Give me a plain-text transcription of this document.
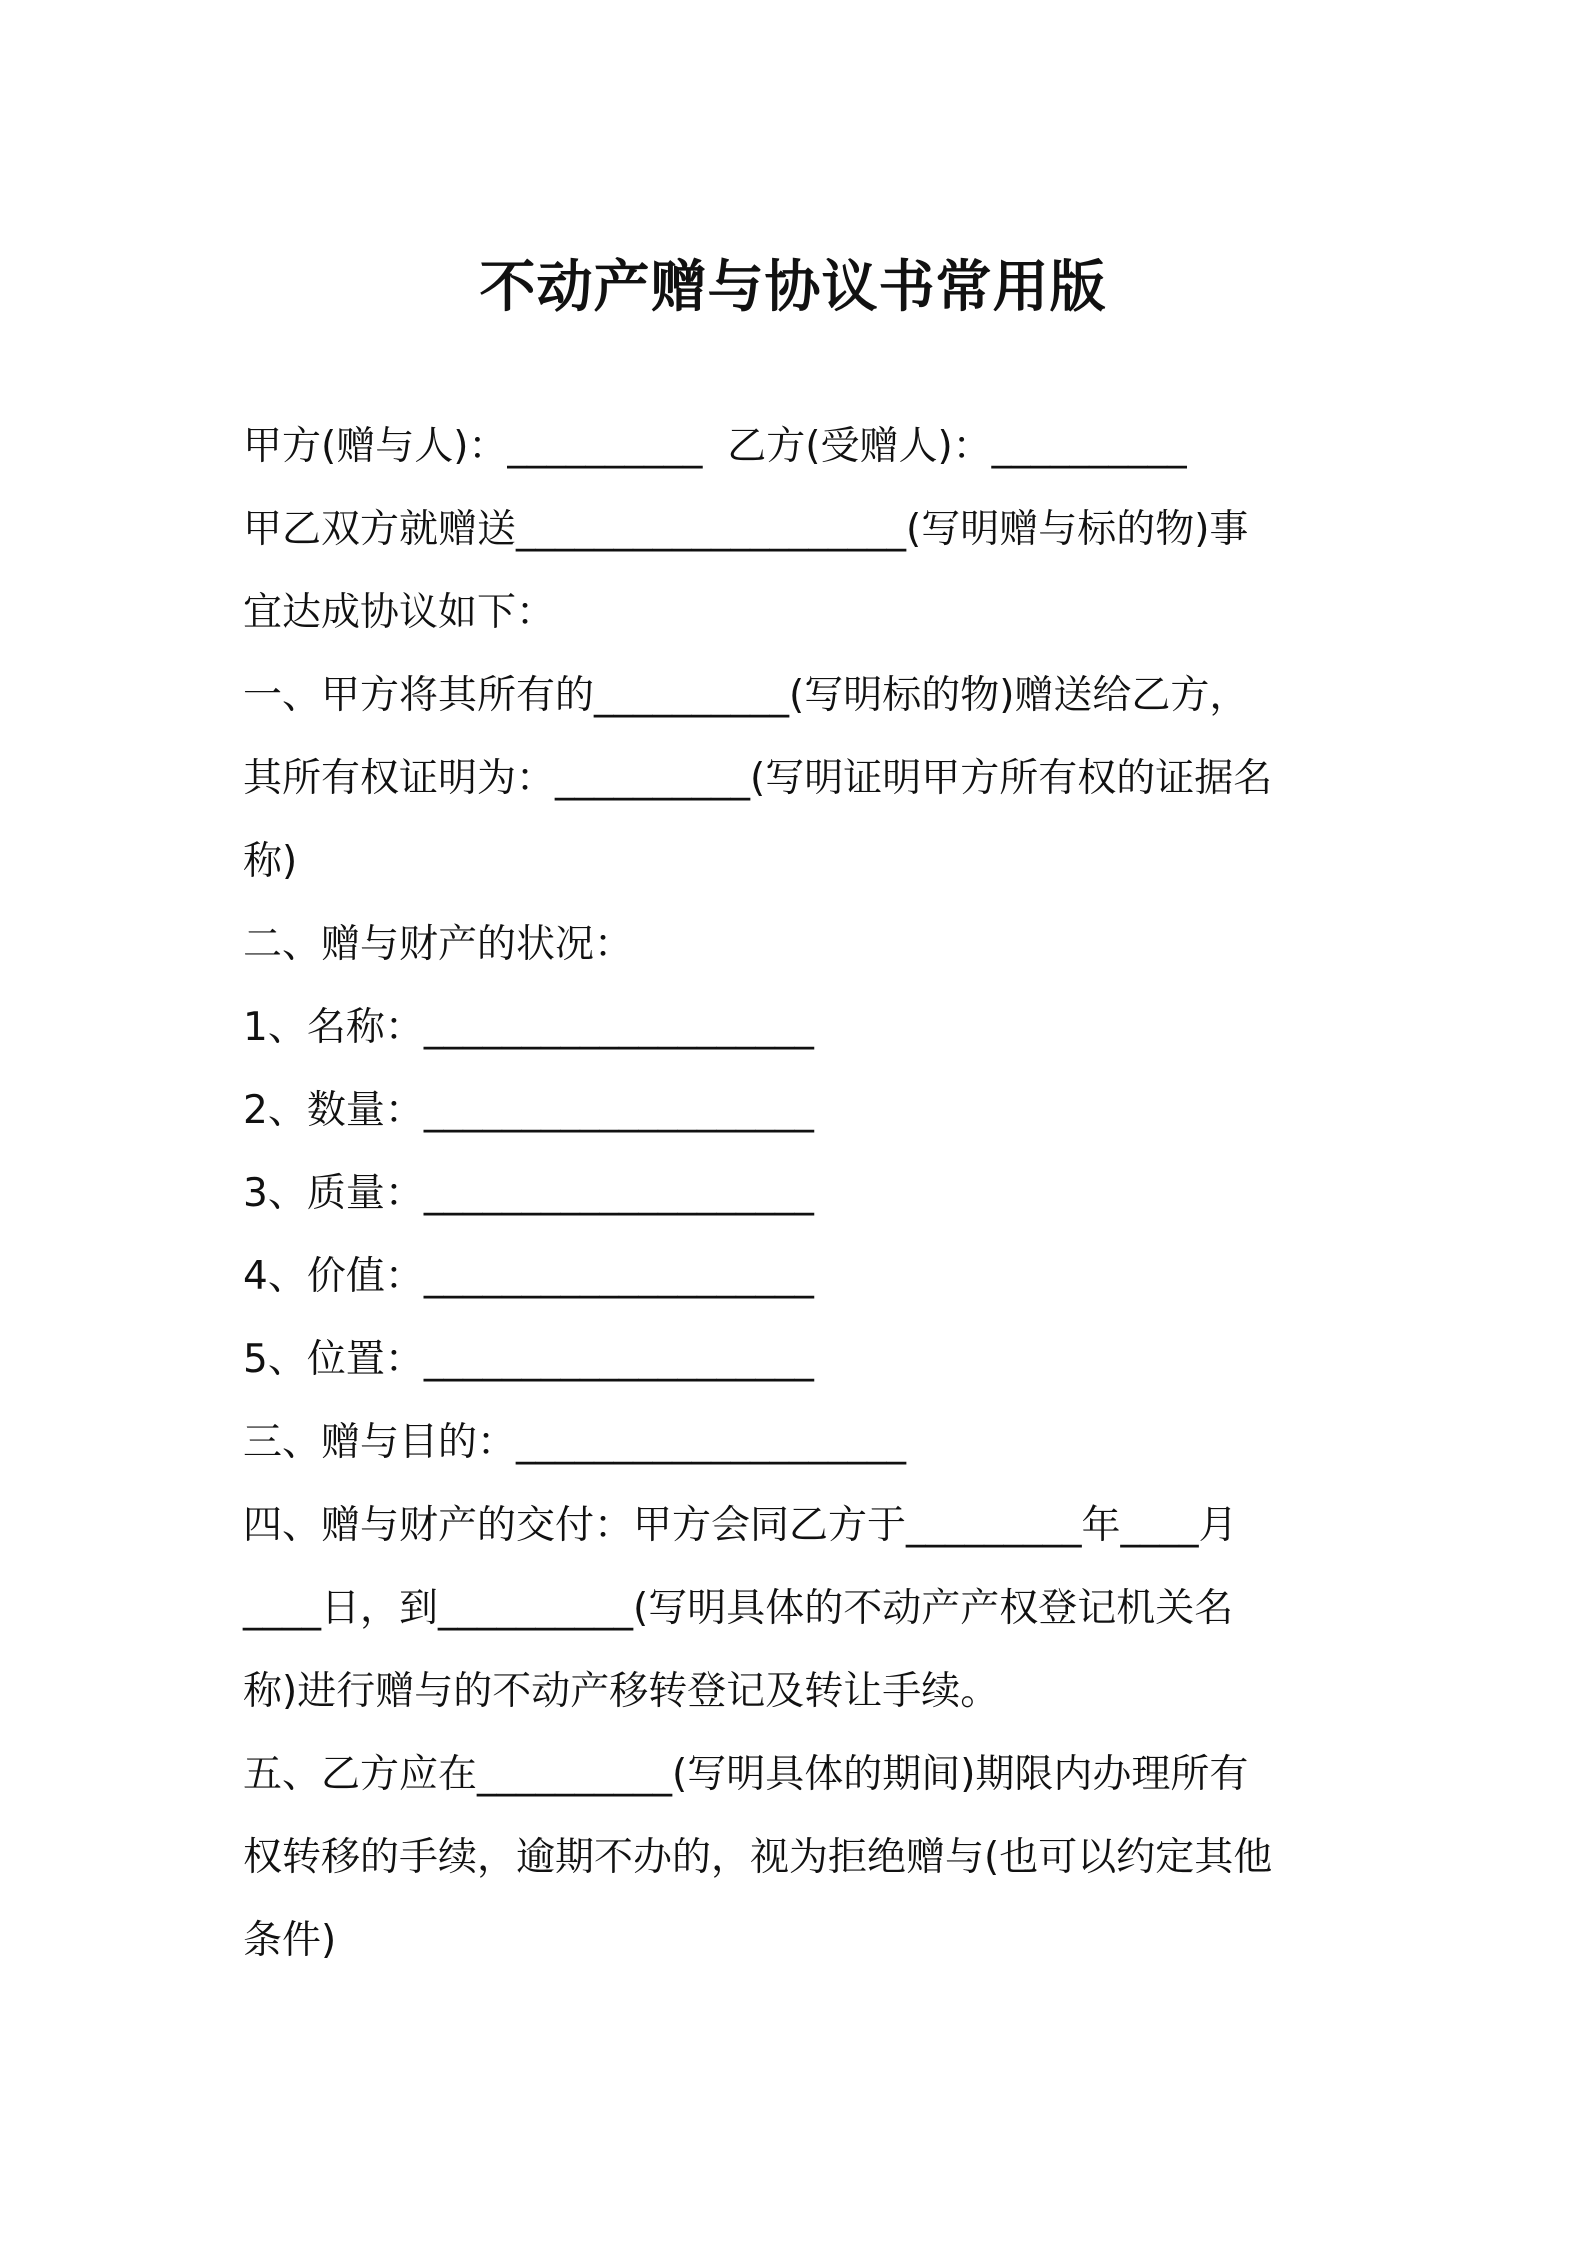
不动产赠与协议书常用版
甲方(赠与人)：__________  乙方(受赠人)：__________
甲乙双方就赠送____________________(写明赠与标的物)事
宜达成协议如下：
一、甲方将其所有的__________(写明标的物)赠送给乙方，
其所有权证明为：__________(写明证明甲方所有权的证据名
称)
二、赠与财产的状况：
1、名称：____________________
2、数量：____________________
3、质量：____________________
4、价值：____________________
5、位置：____________________
三、赠与目的：____________________
四、赠与财产的交付：甲方会同乙方于_________年____月
____日，到__________(写明具体的不动产产权登记机关名
称)进行赠与的不动产移转登记及转让手续。
五、乙方应在__________(写明具体的期间)期限内办理所有
权转移的手续，逾期不办的，视为拒绝赠与(也可以约定其他
条件)
